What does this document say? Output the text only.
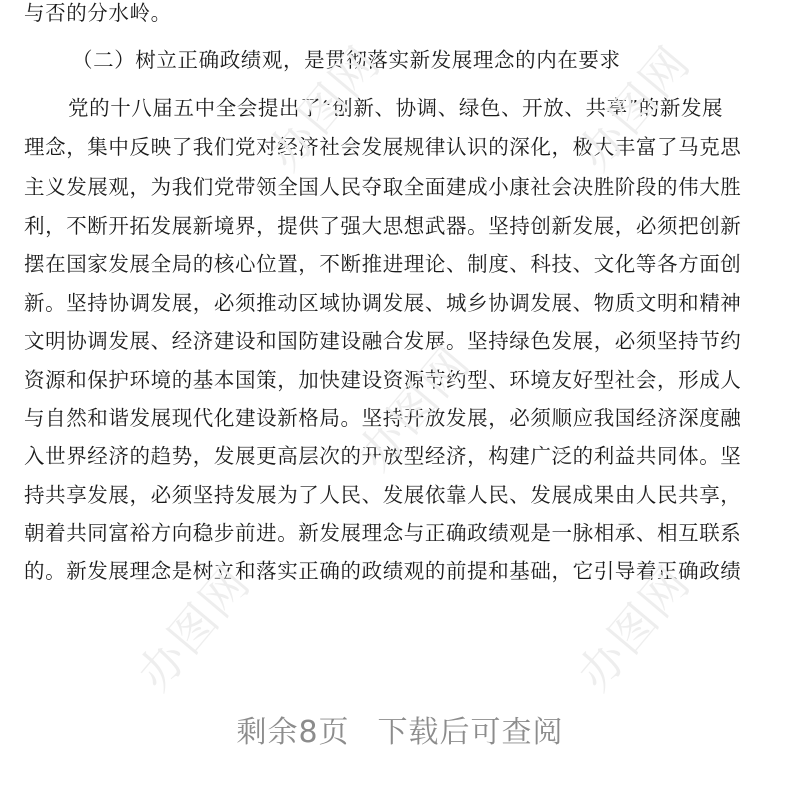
与否的分水岭。
（二）树立正确政绩观，是贯彻落实新发展理念的内在要求
党的十八届五中全会提出了“创新、协调、绿色、开放、共享”的新发展
理念，集中反映了我们党对经济社会发展规律认识的深化，极大丰富了马克思
主义发展观，为我们党带领全国人民夺取全面建成小康社会决胜阶段的伟大胜
利，不断开拓发展新境界，提供了强大思想武器。坚持创新发展，必须把创新
摆在国家发展全局的核心位置，不断推进理论、制度、科技、文化等各方面创
新。坚持协调发展，必须推动区域协调发展、城乡协调发展、物质文明和精神
文明协调发展、经济建设和国防建设融合发展。坚持绿色发展，必须坚持节约
资源和保护环境的基本国策，加快建设资源节约型、环境友好型社会，形成人
与自然和谐发展现代化建设新格局。坚持开放发展，必须顺应我国经济深度融
入世界经济的趋势，发展更高层次的开放型经济，构建广泛的利益共同体。坚
持共享发展，必须坚持发展为了人民、发展依靠人民、发展成果由人民共享，
朝着共同富裕方向稳步前进。新发展理念与正确政绩观是一脉相承、相互联系
的。新发展理念是树立和落实正确的政绩观的前提和基础，它引导着正确政绩
办图网	办图网
办图网
办图网	办图网
剩余8页 下载后可查阅
